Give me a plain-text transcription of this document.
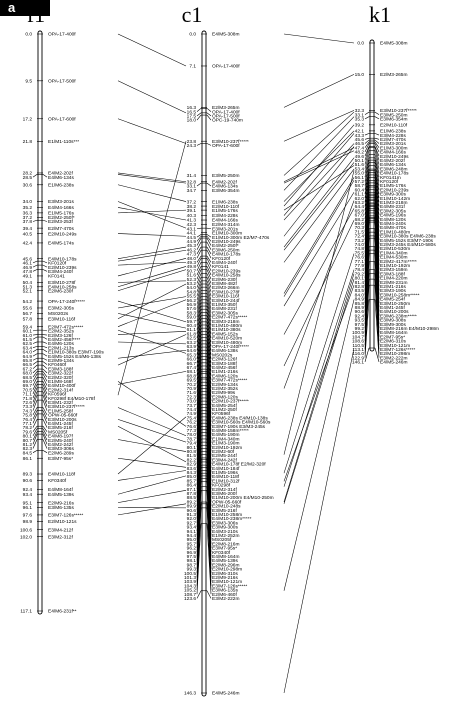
a f1
0.0	OPA-17-400f
9.5	OPA-17-500f
17.2	OPA-17-600f
21.8	E1/M1-110s***
28.2	E4/M2-202f
28.5	E4/M6-134s
30.6	E1/M6-238s
34.0	E3/M3-201s
35.2	E4/M4-166s
36.3	E1/M5-176s
37.2	E2/M2-250f*
37.8	E2/M3-253f
39.4	E2/M7-470s
40.5	E2/M10-249s
42.4	E4/M5-174s
45.6	E4/M10-178s
46.1	KF0120f
46.9	E2/M10-239s
47.8	E3/M4-240f
49.1	KF0141
50.4	E3/M10-278f
51.3	E4/M10-258s
52.1	E2/M6-230f
54.2	OPA-17-240f*****
55.6	E3/M2-305s
56.7	MS0202s
57.8	E3/M10-116f
59.4	E2/M7-472s*****
60.1	E2/M2-352s
61.0	E2/M3-126f
61.5	E4/M2-456f****
62.5	E4/M6-120s
63.4	E2/M1-213s
64.0	E1/M10-380s E3/M7-190s
64.9	E4/M5-152s E4/M6-138s
65.8	E2/M9-134s
66.5	KF0460f
67.2	E3/M3-188f
68.0	E3/M2-322f
68.5	E2/M2-320f
69.0	E1/M8-168f
69.7	E4/M10-400f
70.5	E2/M2-314f
71.1	KF0596f
71.8	KF0298f E4/M10-178f
72.6	E3/M1-232f
73.3	E3/M10-237f*****
74.3	E1/M5-258f
75.8	OPW-05-660f
76.4	E3/M10-200s
77.1	E4/M1-245f
78.2	E3/M5-216f
79.6	MS0205f
80.1	E4/M8-197f
80.7	E2/M5-240f
81.2	E4/M2-242f
82.3	E3/M3-306s
84.5	E2/M6-289s
86.1	E3/M7-95s*
89.3	E4/M10-118f
90.6	KF0340f
92.4	E4/M8-164f
93.4	E4/M5-139s
95.1	E2/M9-216s
96.1	E3/M6-135s
97.6	E3/M7-126s*****
98.9	E2/M10-121s
100.6	E3/M4-212f
102.0	E3/M2-312f
117.1	E4/M6-231f**
c1
0.0	E4/M5-308m
7.1	OPA-17-400f
16.3	E2/M3-265m
16.5	OPA-17-400f
17.5	OPA-17-500f
18.0	OPC-19-740m
23.8	E3/M10-237f*****
24.3	OPA-17-600f
31.4	E3/M5-250m
32.8	E4/M2-202f
33.1	E4/M6-134s
34.7	E3/M6-354m
37.2	E1/M6-238s
38.2	E2/M10-110f
39.1	E1/M5-176s
40.3	E3/M4-228s
41.3	E4/M4-166s
42.3	E2/M4-314m
43.1	E3/M3-201s
44.1	E1/M10-300m
44.5	E1/M10-300m E2/M7-470s
44.9	E2/M10-249s
45.3	E4/M2-250f*
46.2	E3/M6-250m
47.3	E4/M10-178s
48.0	KF0120f
49.3	E4/M4-240f
49.8	KF0141
50.7	E2/M10-239s
51.6	E4/M10-258s
52.3	E2/M6-230f
53.2	E3/M8-482f
54.0	E2/M3-266m
54.8	E3/M10-278f
55.5	E3/M10-116f
56.2	E3/M10-244f
56.9	E1/M3-350f
57.6	E4/M8-231f
58.3	E3/M2-305s
59.0	E2/M7-472s*****
59.7	E3/M3-218m
60.4	E1/M10-480m
61.1	E1/M10-380s
61.8	E4/M5-152s
62.5	E4/M10-520m
63.2	E3/M10-480m
63.9	OPA-17-240f*****
64.6	E4/M6-138s
65.3	MS0202s
66.0	E2/M3-126f
66.7	E3/M3-188f
67.4	E4/M2-456f
68.1	E1/M1-216s
68.8	E4/M6-120s
69.5	E3/M7-472s*****
70.2	E2/M9-134s
70.9	E2/M2-352s
71.6	E2/M9-99s
72.3	E2/M8-120s
73.0	E2/M10-237f*****
73.7	E4/M5-254f
74.4	E1/M2-250f
74.9	KF0596f
75.4	E4/M6-238s E4/M10-138s
76.2	E3/M10-560s E4/M10-560s
76.6	E3/M7-190s E3/M3-245s
77.3	E4/M8-158m*****
78.0	E4/M5-190m
78.7	E1/M4-340m
79.4	E1/M3-190m
80.1	E2/M10-192m
80.8	E2/M2-60f
81.5	E2/M5-244f
82.2	E3/M4-242f
82.9	E4/M10-178f E2/M2-320f
83.6	E4/M10-184f
84.3	E1/M5-196s
85.0	E4/M10-118f
85.7	E1/M10-312f
86.4	KF0298f
87.1	E2/M2-314f
87.8	E3/M6-200f
88.5	E1/M10-200m E4/M10-250m
89.2	OPW-05-660f
89.9	E2/M10-248s
90.6	E3/M5-216f
91.3	E1/M10-258m
92.0	E4/M10-238m*****
92.7	E3/M3-306s
93.4	E3/M9-300s
94.1	E4/M3-210s
94.4	E1/M2-252m
95.0	MS0205f
95.7	E2/M8-216m
96.2	E3/M7-95s*
96.9	KF0340f
97.5	E4/M8-164m
98.1	E4/M5-139s
98.7	E2/M8-296m
99.3	E2/M10-298m
100.5	E2/M6-310s
101.3	E2/M9-216s
103.9	E3/M10-121m
104.3	E3/M7-126s*****
105.2	E3/M6-135s
108.7	E2/M6-460f
123.6	E3/M2-222m
146.3	E4/M5-246m
k1
0.0	E4/M5-308m
15.0	E2/M3-265m
32.3	E3/M10-237f*****
33.1	E3/M5-250m
35.3	E3/M6-354m
39.2	E2/M10-110f
42.1	E1/M6-238s
43.3	E3/M4-228s
45.6	E2/M7-470s
46.5	E2/M3-201s
47.4	E1/M3-300m
48.2	E4/M4-166s
49.6	E2/M10-249s
50.1	E4/M2-202f
51.6	E4/M6-134s
53.4	E3/M6-248m
55.0	E4/M10-178s
56.1	KF0141m
57.2	KF0120f
58.7	E1/M5-176s
60.4	E2/M10-239s
61.1	E3/M9-300s
62.0	E1/M10-142m
63.2	E1/M3-218m
64.4	E4/M8-231f
65.8	E3/M2-305s
67.0	E4/M5-196s
68.2	E4/M8-120s
69.0	E4/M4-240s
70.3	E4/M8-470s
71.5	E1/M10-480m
72.4	E3/M10-380s E4/M6-238s
73.2	E4/M5-152s E3/M7-190s
74.0	E2/M3-245s E4/M10-580s
74.8	E2/M10-530m
75.5	E1/M4-340m
76.6	E1/M4-530m
77.1	E2/M2-417m*****
77.9	E1/M10-192m
78.4	E2/M3-159m
79.2	E3/M3-188f
80.1	E1/M4-220m
81.4	E2/M8-231m
82.8	E2/M1-216s
83.5	E3/M3-190s
84.0	E3/M10-258m*****
84.9	E4/M5-254f
85.8	E3/M10-250m
88.9	E4/M1-245f
90.6	E4/M10-200s
92.4	E3/M6-238m*****
93.5	E3/M9-308s
97.5	E3/M9-300s
99.2	E2/M8-216m E4/M10-298m
100.9	E4/M8-164m
104.7	E2/M7-95s*
108.6	E2/M6-310s
110.5	E3/M10-121m
113.1	E3/M7-126s*****
116.0	E2/M10-298m
122.9	E3/M2-222m
146.1	E4/M5-246m
